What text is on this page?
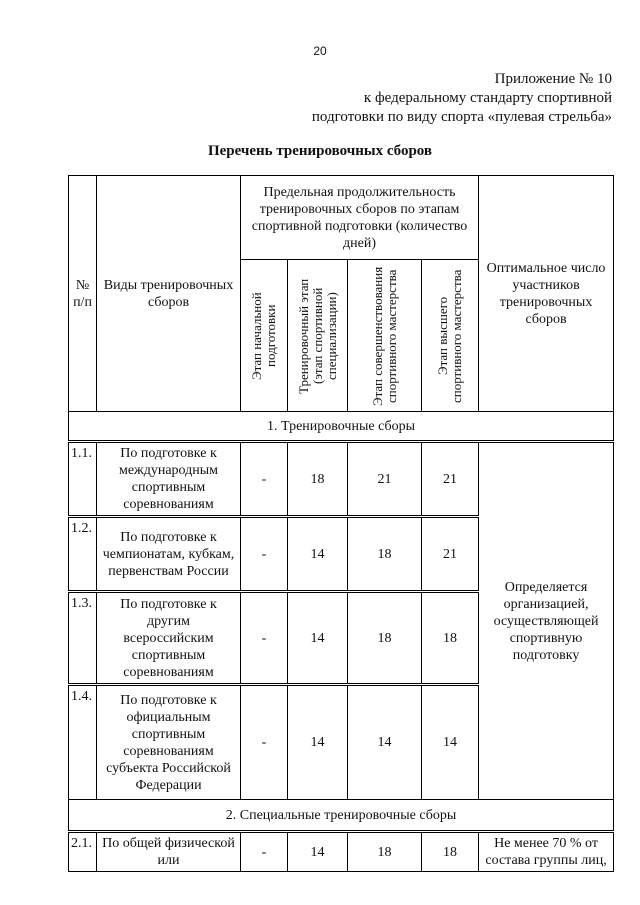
20
Приложение № 10
к федеральному стандарту спортивной
подготовки по виду спорта «пулевая стрельба»
Перечень тренировочных сборов
№ п/п	Виды тренировочных сборов	Предельная продолжительность тренировочных сборов по этапам спортивной подготовки (количество дней)				Оптимальное число участников тренировочных сборов

		Этап начальной подготовки	Тренировочный этап (этап спортивной специализации)	Этап совершенствования спортивного мастерства	Этап высшего спортивного мастерства	

1. Тренировочные сборы						
1.1.	По подготовке к международным спортивным соревнованиям	-	18	21	21	Определяется организацией, осуществляющей спортивную подготовку
1.2.	По подготовке к чемпионатам, кубкам, первенствам России	-	14	18	21	
1.3.	По подготовке к другим всероссийским спортивным соревнованиям	-	14	18	18	
1.4.	По подготовке к официальным спортивным соревнованиям субъекта Российской Федерации	-	14	14	14	
2. Специальные тренировочные сборы						
2.1.	По общей физической или	-	14	18	18	Не менее 70 % от состава группы лиц,
